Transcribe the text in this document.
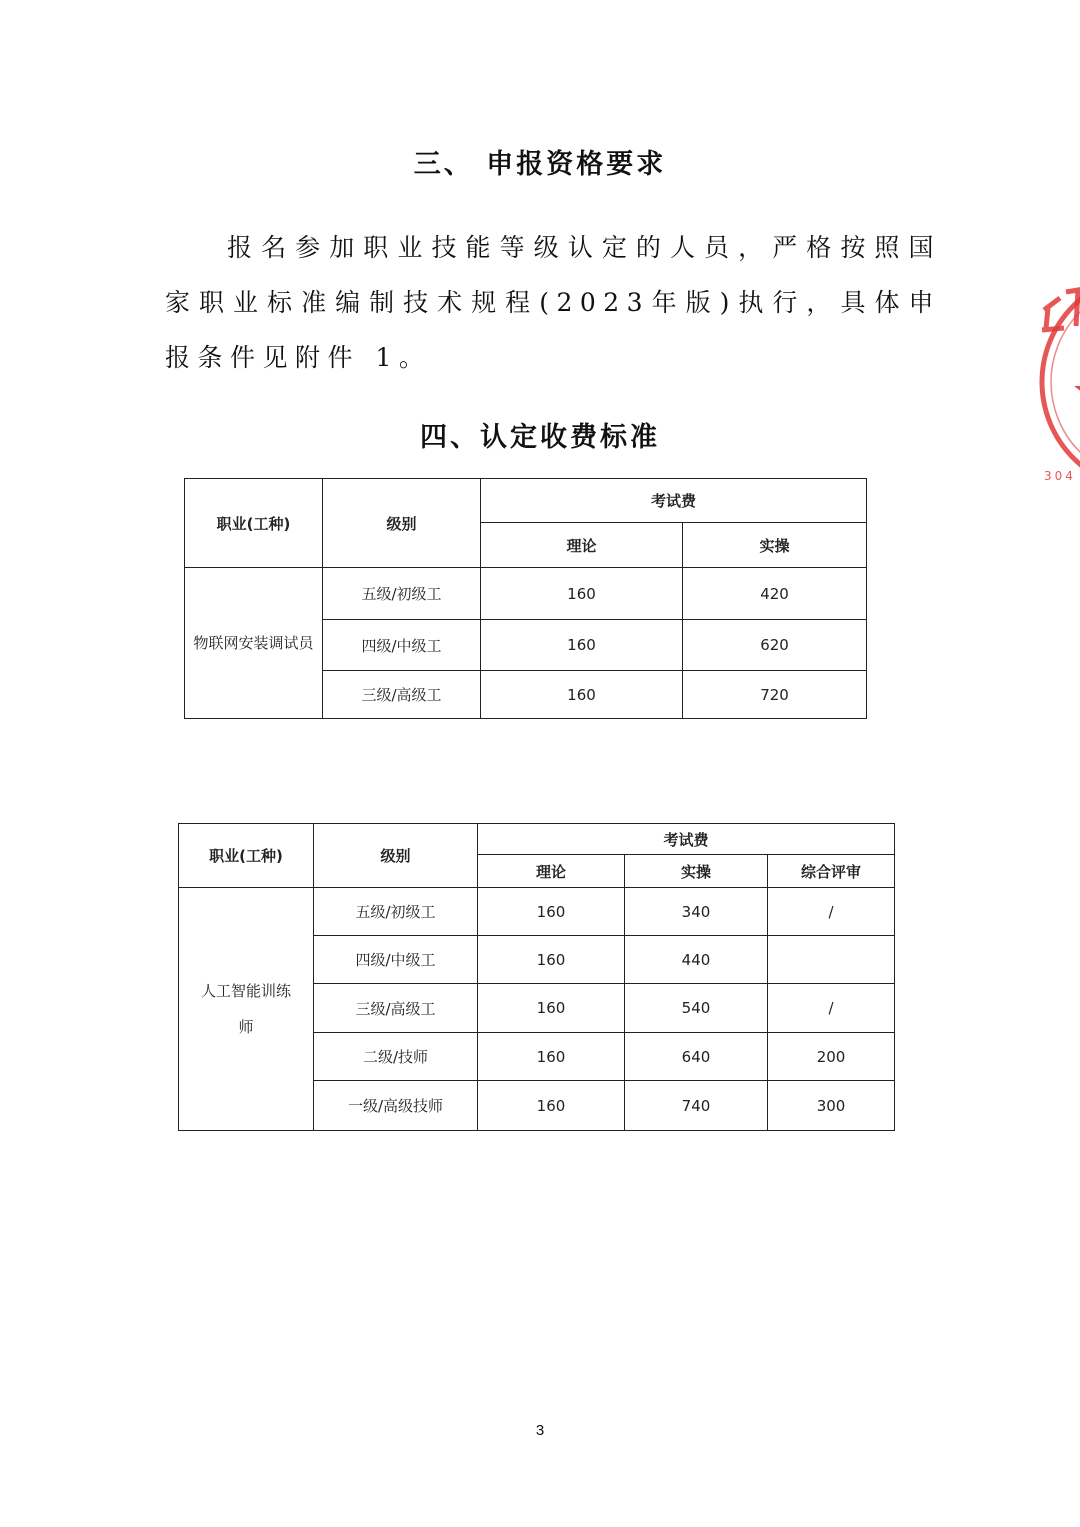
三、 申报资格要求

报名参加职业技能等级认定的人员，严格按照国家职业标准编制技术规程(2023年版)执行，具体申报条件见附件 1。

四、认定收费标准
职业(工种)	级别	考试费	
		理论	实操
物联网安装调试员	五级/初级工	160	420
	四级/中级工	160	620
	三级/高级工	160	720
职业(工种)	级别	考试费		
		理论	实操	综合评审
人工智能训练师	五级/初级工	160	340	/
	四级/中级工	160	440	
	三级/高级工	160	540	/
	二级/技师	160	640	200
	一级/高级技师	160	740	300
3
304
